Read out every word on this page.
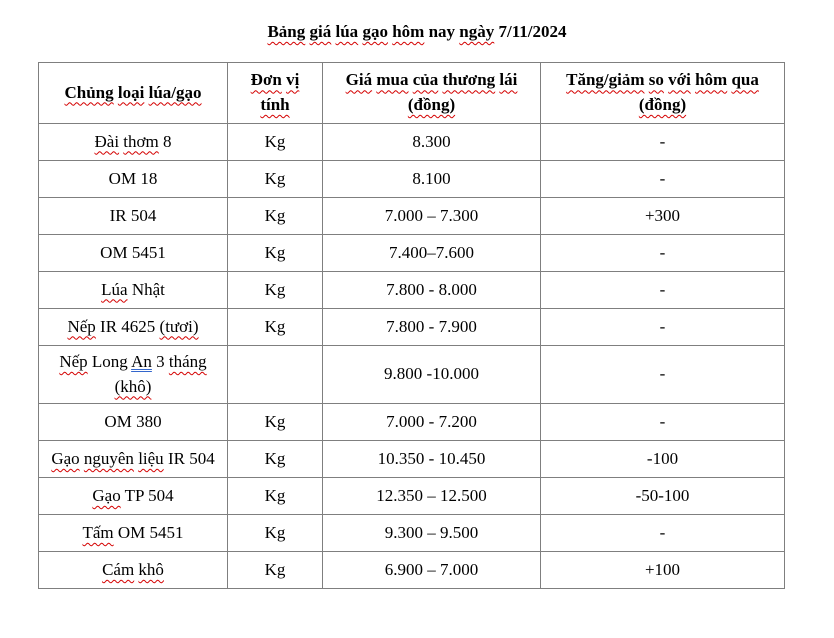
Bảng giá lúa gạo hôm nay ngày 7/11/2024
Chủng loại lúa/gạo	Đơn vị tính	Giá mua của thương lái (đồng)	Tăng/giảm so với hôm qua (đồng)
Đài thơm 8	Kg	8.300	-
OM 18	Kg	8.100	-
IR 504	Kg	7.000 – 7.300	+300
OM 5451	Kg	7.400–7.600	-
Lúa Nhật	Kg	7.800 - 8.000	-
Nếp IR 4625 (tươi)	Kg	7.800 - 7.900	-
Nếp Long An 3 tháng (khô)		9.800 -10.000	-
OM 380	Kg	7.000 - 7.200	-
Gạo nguyên liệu IR 504	Kg	10.350 - 10.450	-100
Gạo TP 504	Kg	12.350 – 12.500	-50-100
Tấm OM 5451	Kg	9.300 – 9.500	-
Cám khô	Kg	6.900 – 7.000	+100
